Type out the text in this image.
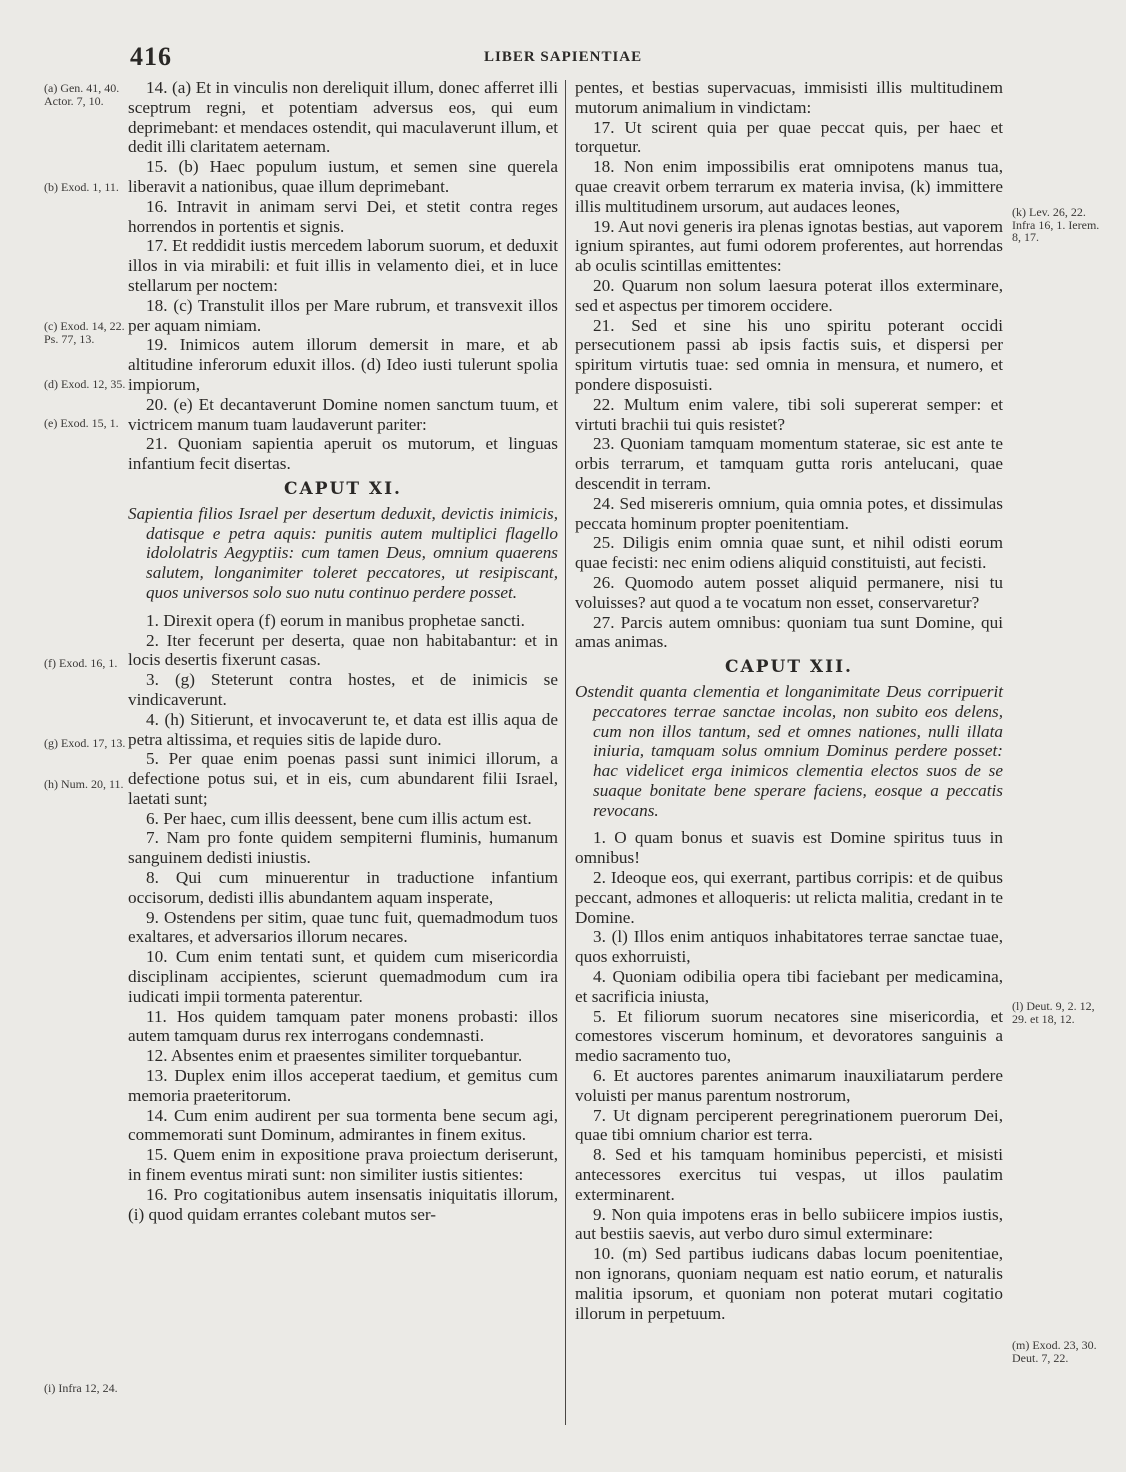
416	LIBER SAPIENTIAE

14. (a) Et in vinculis non dereliquit illum, donec afferret illi sceptrum regni, et potentiam adversus eos, qui eum deprimebant: et mendaces ostendit, qui maculaverunt illum, et dedit illi claritatem aeternam.

15. (b) Haec populum iustum, et semen sine querela liberavit a nationibus, quae illum deprimebant.

16. Intravit in animam servi Dei, et stetit contra reges horrendos in portentis et signis.

17. Et reddidit iustis mercedem laborum suorum, et deduxit illos in via mirabili: et fuit illis in velamento diei, et in luce stellarum per noctem:

18. (c) Transtulit illos per Mare rubrum, et transvexit illos per aquam nimiam.

19. Inimicos autem illorum demersit in mare, et ab altitudine inferorum eduxit illos. (d) Ideo iusti tulerunt spolia impiorum,

20. (e) Et decantaverunt Domine nomen sanctum tuum, et victricem manum tuam laudaverunt pariter:

21. Quoniam sapientia aperuit os mutorum, et linguas infantium fecit disertas.

CAPUT XI.

Sapientia filios Israel per desertum deduxit, devictis inimicis, datisque e petra aquis: punitis autem multiplici flagello idololatris Aegyptiis: cum tamen Deus, omnium quaerens salutem, longanimiter toleret peccatores, ut resipiscant, quos universos solo suo nutu continuo perdere posset.

1. Direxit opera (f) eorum in manibus prophetae sancti.

2. Iter fecerunt per deserta, quae non habitabantur: et in locis desertis fixerunt casas.

3. (g) Steterunt contra hostes, et de inimicis se vindicaverunt.

4. (h) Sitierunt, et invocaverunt te, et data est illis aqua de petra altissima, et requies sitis de lapide duro.

5. Per quae enim poenas passi sunt inimici illorum, a defectione potus sui, et in eis, cum abundarent filii Israel, laetati sunt;

6. Per haec, cum illis deessent, bene cum illis actum est.

7. Nam pro fonte quidem sempiterni fluminis, humanum sanguinem dedisti iniustis.

8. Qui cum minuerentur in traductione infantium occisorum, dedisti illis abundantem aquam insperate,

9. Ostendens per sitim, quae tunc fuit, quemadmodum tuos exaltares, et adversarios illorum necares.

10. Cum enim tentati sunt, et quidem cum misericordia disciplinam accipientes, scierunt quemadmodum cum ira iudicati impii tormenta paterentur.

11. Hos quidem tamquam pater monens probasti: illos autem tamquam durus rex interrogans condemnasti.

12. Absentes enim et praesentes similiter torquebantur.

13. Duplex enim illos acceperat taedium, et gemitus cum memoria praeteritorum.

14. Cum enim audirent per sua tormenta bene secum agi, commemorati sunt Dominum, admirantes in finem exitus.

15. Quem enim in expositione prava proiectum deriserunt, in finem eventus mirati sunt: non similiter iustis sitientes:

16. Pro cogitationibus autem insensatis iniquitatis illorum, (i) quod quidam errantes colebant mutos ser-

pentes, et bestias supervacuas, immisisti illis multitudinem mutorum animalium in vindictam:

17. Ut scirent quia per quae peccat quis, per haec et torquetur.

18. Non enim impossibilis erat omnipotens manus tua, quae creavit orbem terrarum ex materia invisa, (k) immittere illis multitudinem ursorum, aut audaces leones,

19. Aut novi generis ira plenas ignotas bestias, aut vaporem ignium spirantes, aut fumi odorem proferentes, aut horrendas ab oculis scintillas emittentes:

20. Quarum non solum laesura poterat illos exterminare, sed et aspectus per timorem occidere.

21. Sed et sine his uno spiritu poterant occidi persecutionem passi ab ipsis factis suis, et dispersi per spiritum virtutis tuae: sed omnia in mensura, et numero, et pondere disposuisti.

22. Multum enim valere, tibi soli supererat semper: et virtuti brachii tui quis resistet?

23. Quoniam tamquam momentum staterae, sic est ante te orbis terrarum, et tamquam gutta roris antelucani, quae descendit in terram.

24. Sed misereris omnium, quia omnia potes, et dissimulas peccata hominum propter poenitentiam.

25. Diligis enim omnia quae sunt, et nihil odisti eorum quae fecisti: nec enim odiens aliquid constituisti, aut fecisti.

26. Quomodo autem posset aliquid permanere, nisi tu voluisses? aut quod a te vocatum non esset, conservaretur?

27. Parcis autem omnibus: quoniam tua sunt Domine, qui amas animas.

CAPUT XII.

Ostendit quanta clementia et longanimitate Deus corripuerit peccatores terrae sanctae incolas, non subito eos delens, cum non illos tantum, sed et omnes nationes, nulli illata iniuria, tamquam solus omnium Dominus perdere posset: hac videlicet erga inimicos clementia electos suos de se suaque bonitate bene sperare faciens, eosque a peccatis revocans.

1. O quam bonus et suavis est Domine spiritus tuus in omnibus!

2. Ideoque eos, qui exerrant, partibus corripis: et de quibus peccant, admones et alloqueris: ut relicta malitia, credant in te Domine.

3. (l) Illos enim antiquos inhabitatores terrae sanctae tuae, quos exhorruisti,

4. Quoniam odibilia opera tibi faciebant per medicamina, et sacrificia iniusta,

5. Et filiorum suorum necatores sine misericordia, et comestores viscerum hominum, et devoratores sanguinis a medio sacramento tuo,

6. Et auctores parentes animarum inauxiliatarum perdere voluisti per manus parentum nostrorum,

7. Ut dignam perciperent peregrinationem puerorum Dei, quae tibi omnium charior est terra.

8. Sed et his tamquam hominibus pepercisti, et misisti antecessores exercitus tui vespas, ut illos paulatim exterminarent.

9. Non quia impotens eras in bello subiicere impios iustis, aut bestiis saevis, aut verbo duro simul exterminare:

10. (m) Sed partibus iudicans dabas locum poenitentiae, non ignorans, quoniam nequam est natio eorum, et naturalis malitia ipsorum, et quoniam non poterat mutari cogitatio illorum in perpetuum.

(a) Gen. 41, 40. Actor. 7, 10.
(b) Exod. 1, 11.
(c) Exod. 14, 22. Ps. 77, 13.
(d) Exod. 12, 35.
(e) Exod. 15, 1.
(f) Exod. 16, 1.
(g) Exod. 17, 13.
(h) Num. 20, 11.
(i) Infra 12, 24.
(k) Lev. 26, 22. Infra 16, 1. Ierem. 8, 17.
(l) Deut. 9, 2. 12, 29. et 18, 12.
(m) Exod. 23, 30. Deut. 7, 22.
